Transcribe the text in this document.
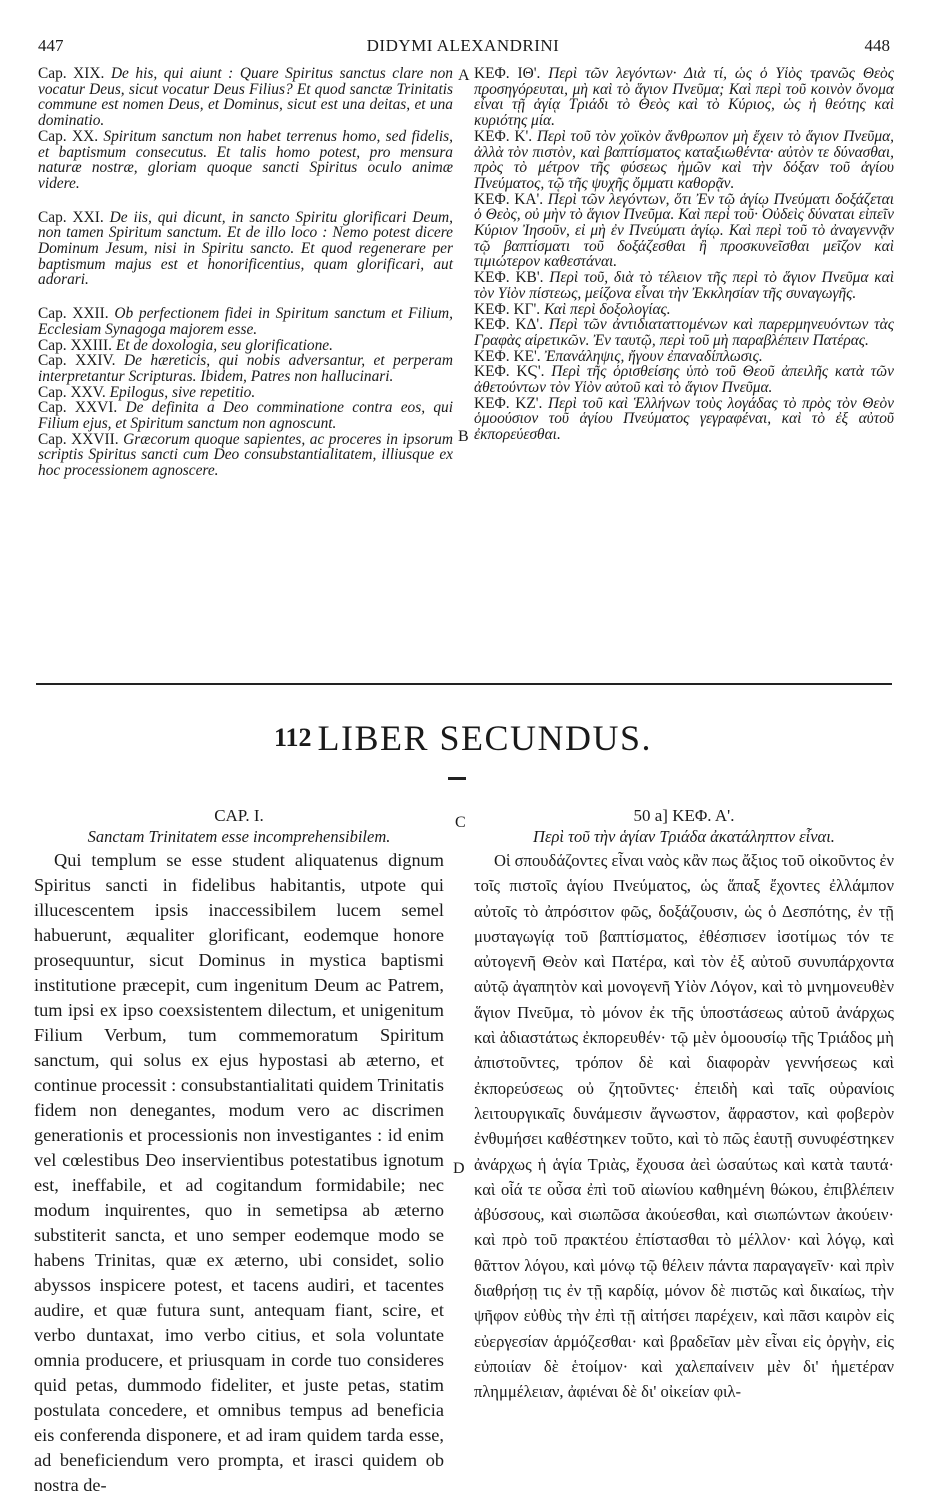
447	DIDYMI ALEXANDRINI	448

Cap. XIX. De his, qui aiunt : Quare Spiritus sanctus clare non vocatur Deus, sicut vocatur Deus Filius? Et quod sanctæ Trinitatis commune est nomen Deus, et Dominus, sicut est una deitas, et una dominatio.

Cap. XX. Spiritum sanctum non habet terrenus homo, sed fidelis, et baptismum consecutus. Et talis homo potest, pro mensura naturæ nostræ, gloriam quoque sancti Spiritus oculo animæ videre.

Cap. XXI. De iis, qui dicunt, in sancto Spiritu glorificari Deum, non tamen Spiritum sanctum. Et de illo loco : Nemo potest dicere Dominum Jesum, nisi in Spiritu sancto. Et quod regenerare per baptismum majus est et honorificentius, quam glorificari, aut adorari.

Cap. XXII. Ob perfectionem fidei in Spiritum sanctum et Filium, Ecclesiam Synagoga majorem esse.

Cap. XXIII. Et de doxologia, seu glorificatione.

Cap. XXIV. De hæreticis, qui nobis adversantur, et perperam interpretantur Scripturas. Ibidem, Patres non hallucinari.

Cap. XXV. Epilogus, sive repetitio.

Cap. XXVI. De definita a Deo comminatione contra eos, qui Filium ejus, et Spiritum sanctum non agnoscunt.

Cap. XXVII. Græcorum quoque sapientes, ac proceres in ipsorum scriptis Spiritus sancti cum Deo consubstantialitatem, illiusque ex hoc processionem agnoscere.

ΚΕΦ. ΙΘ'. Περὶ τῶν λεγόντων· Διὰ τί, ὡς ὁ Υἱὸς τρανῶς Θεὸς προσηγόρευται, μὴ καὶ τὸ ἅγιον Πνεῦμα; Καὶ περὶ τοῦ κοινὸν ὄνομα εἶναι τῇ ἁγίᾳ Τριάδι τὸ Θεὸς καὶ τὸ Κύριος, ὡς ἡ θεότης καὶ κυριότης μία.

ΚΕΦ. Κ'. Περὶ τοῦ τὸν χοϊκὸν ἄνθρωπον μὴ ἔχειν τὸ ἅγιον Πνεῦμα, ἀλλὰ τὸν πιστὸν, καὶ βαπτίσματος καταξιωθέντα· αὐτὸν τε δύνασθαι, πρὸς τὸ μέτρον τῆς φύσεως ἡμῶν καὶ τὴν δόξαν τοῦ ἁγίου Πνεύματος, τῷ τῆς ψυχῆς ὄμματι καθορᾷν.

ΚΕΦ. ΚΑ'. Περὶ τῶν λεγόντων, ὅτι Ἐν τῷ ἁγίῳ Πνεύματι δοξάζεται ὁ Θεὸς, οὐ μὴν τὸ ἅγιον Πνεῦμα. Καὶ περὶ τοῦ· Οὐδεὶς δύναται εἰπεῖν Κύριον Ἰησοῦν, εἰ μὴ ἐν Πνεύματι ἁγίῳ. Καὶ περὶ τοῦ τὸ ἀναγεννᾷν τῷ βαπτίσματι τοῦ δοξάζεσθαι ἢ προσκυνεῖσθαι μεῖζον καὶ τιμιώτερον καθεστάναι.

ΚΕΦ. ΚΒ'. Περὶ τοῦ, διὰ τὸ τέλειον τῆς περὶ τὸ ἅγιον Πνεῦμα καὶ τὸν Υἱὸν πίστεως, μείζονα εἶναι τὴν Ἐκκλησίαν τῆς συναγωγῆς.

ΚΕΦ. ΚΓ'. Καὶ περὶ δοξολογίας.

ΚΕΦ. ΚΔ'. Περὶ τῶν ἀντιδιαταττομένων καὶ παρερμηνευόντων τὰς Γραφὰς αἱρετικῶν. Ἐν ταυτῷ, περὶ τοῦ μὴ παραβλέπειν Πατέρας.

ΚΕΦ. ΚΕ'. Ἐπανάληψις, ἤγουν ἐπαναδίπλωσις.

ΚΕΦ. ΚϚ'. Περὶ τῆς ὁρισθείσης ὑπὸ τοῦ Θεοῦ ἀπειλῆς κατὰ τῶν ἀθετούντων τὸν Υἱὸν αὐτοῦ καὶ τὸ ἅγιον Πνεῦμα.

ΚΕΦ. ΚΖ'. Περὶ τοῦ καὶ Ἑλλήνων τοὺς λογάδας τὸ πρὸς τὸν Θεὸν ὁμοούσιον τοῦ ἁγίου Πνεύματος γεγραφέναι, καὶ τὸ ἐξ αὐτοῦ ἐκπορεύεσθαι.

A
B
C
D
112 LIBER SECUNDUS.
CAP. I.
Sanctam Trinitatem esse incomprehensibilem.

Qui templum se esse student aliquatenus dignum Spiritus sancti in fidelibus habitantis, utpote qui illucescentem ipsis inaccessibilem lucem semel habuerunt, æqualiter glorificant, eodemque honore prosequuntur, sicut Dominus in mystica baptismi institutione præcepit, cum ingenitum Deum ac Patrem, tum ipsi ex ipso coexsistentem dilectum, et unigenitum Filium Verbum, tum commemoratum Spiritum sanctum, qui solus ex ejus hypostasi ab æterno, et continue processit : consubstantialitati quidem Trinitatis fidem non denegantes, modum vero ac discrimen generationis et processionis non investigantes : id enim vel cœlestibus Deo inservientibus potestatibus ignotum est, ineffabile, et ad cogitandum formidabile; nec modum inquirentes, quo in semetipsa ab æterno substiterit sancta, et uno semper eodemque modo se habens Trinitas, quæ ex æterno, ubi considet, solio abyssos inspicere potest, et tacens audiri, et tacentes audire, et quæ futura sunt, antequam fiant, scire, et verbo duntaxat, imo verbo citius, et sola voluntate omnia producere, et priusquam in corde tuo consideres quid petas, dummodo fideliter, et juste petas, statim postulata concedere, et omnibus tempus ad beneficia eis conferenda disponere, et ad iram quidem tarda esse, ad beneficiendum vero prompta, et irasci quidem ob nostra de-

50 a] ΚΕΦ. Α'.
Περὶ τοῦ τὴν ἁγίαν Τριάδα ἀκατάληπτον εἶναι.

Οἱ σπουδάζοντες εἶναι ναὸς κἂν πως ἄξιος τοῦ οἰκοῦντος ἐν τοῖς πιστοῖς ἁγίου Πνεύματος, ὡς ἅπαξ ἔχοντες ἐλλάμπον αὐτοῖς τὸ ἀπρόσιτον φῶς, δοξάζουσιν, ὡς ὁ Δεσπότης, ἐν τῇ μυσταγωγίᾳ τοῦ βαπτίσματος, ἐθέσπισεν ἰσοτίμως τόν τε αὐτογενῆ Θεὸν καὶ Πατέρα, καὶ τὸν ἐξ αὐτοῦ συνυπάρχοντα αὐτῷ ἀγαπητὸν καὶ μονογενῆ Υἱὸν Λόγον, καὶ τὸ μνημονευθὲν ἅγιον Πνεῦμα, τὸ μόνον ἐκ τῆς ὑποστάσεως αὐτοῦ ἀνάρχως καὶ ἀδιαστάτως ἐκπορευθέν· τῷ μὲν ὁμοουσίῳ τῆς Τριάδος μὴ ἀπιστοῦντες, τρόπον δὲ καὶ διαφορὰν γεννήσεως καὶ ἐκπορεύσεως οὐ ζητοῦντες· ἐπειδὴ καὶ ταῖς οὐρανίοις λειτουργικαῖς δυνάμεσιν ἄγνωστον, ἄφραστον, καὶ φοβερὸν ἐνθυμήσει καθέστηκεν τοῦτο, καὶ τὸ πῶς ἑαυτῇ συνυφέστηκεν ἀνάρχως ἡ ἁγία Τριὰς, ἔχουσα ἀεὶ ὡσαύτως καὶ κατὰ ταυτά· καὶ οἷά τε οὖσα ἐπὶ τοῦ αἰωνίου καθημένη θώκου, ἐπιβλέπειν ἀβύσσους, καὶ σιωπῶσα ἀκούεσθαι, καὶ σιωπώντων ἀκούειν· καὶ πρὸ τοῦ πρακτέου ἐπίστασθαι τὸ μέλλον· καὶ λόγῳ, καὶ θᾶττον λόγου, καὶ μόνῳ τῷ θέλειν πάντα παραγαγεῖν· καὶ πρὶν διαθρήσῃ τις ἐν τῇ καρδίᾳ, μόνον δὲ πιστῶς καὶ δικαίως, τὴν ψῆφον εὐθὺς τὴν ἐπὶ τῇ αἰτήσει παρέχειν, καὶ πᾶσι καιρὸν εἰς εὐεργεσίαν ἁρμόζεσθαι· καὶ βραδεῖαν μὲν εἶναι εἰς ὀργὴν, εἰς εὐποιίαν δὲ ἑτοίμον· καὶ χαλεπαίνειν μὲν δι' ἡμετέραν πλημμέλειαν, ἀφιέναι δὲ δι' οἰκείαν φιλ-
